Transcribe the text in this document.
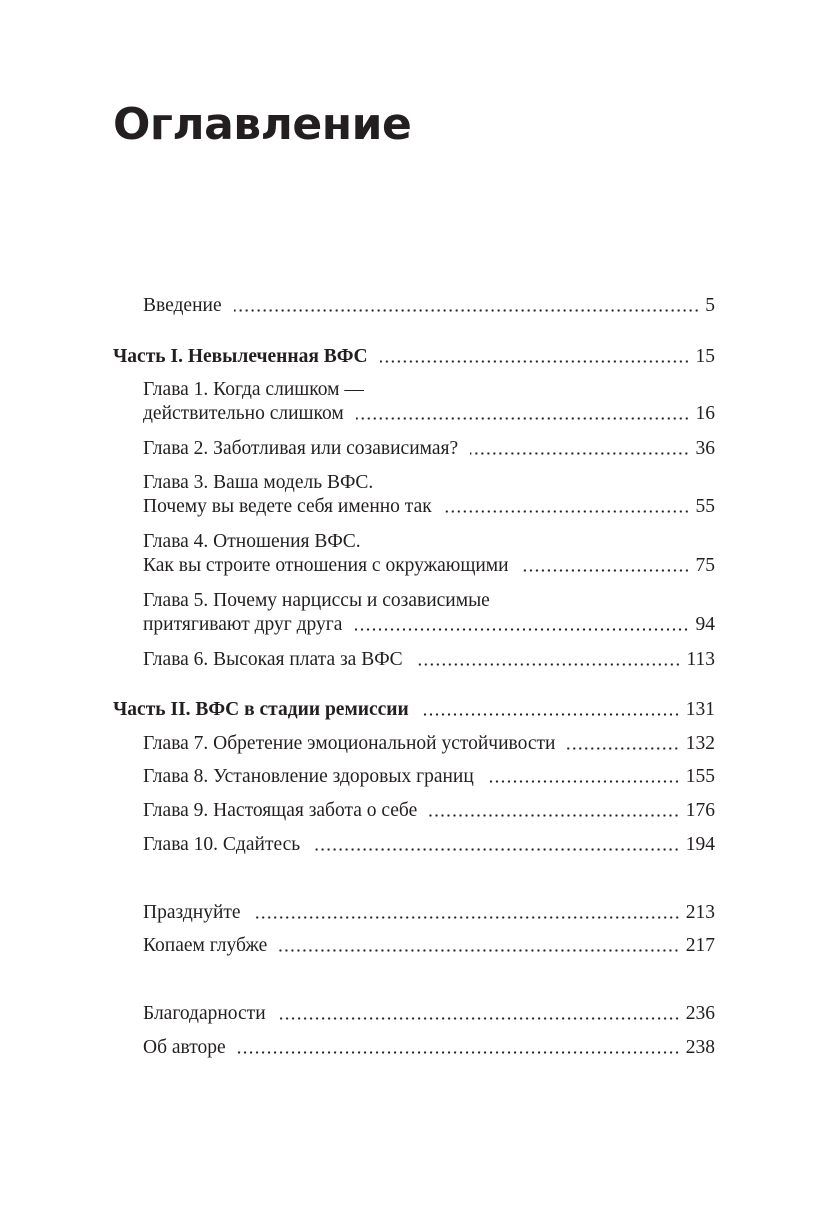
Оглавление
Введение	5
Часть I. Невылеченная ВФС	15
Глава 1. Когда слишком —
действительно слишком	16
Глава 2. Заботливая или созависимая?	36
Глава 3. Ваша модель ВФС.
Почему вы ведете себя именно так	55
Глава 4. Отношения ВФС.
Как вы строите отношения с окружающими	75
Глава 5. Почему нарциссы и созависимые
притягивают друг друга	94
Глава 6. Высокая плата за ВФС	113
Часть II. ВФС в стадии ремиссии	131
Глава 7. Обретение эмоциональной устойчивости	132
Глава 8. Установление здоровых границ	155
Глава 9. Настоящая забота о себе	176
Глава 10. Сдайтесь	194
Празднуйте	213
Копаем глубже	217
Благодарности	236
Об авторе	238
